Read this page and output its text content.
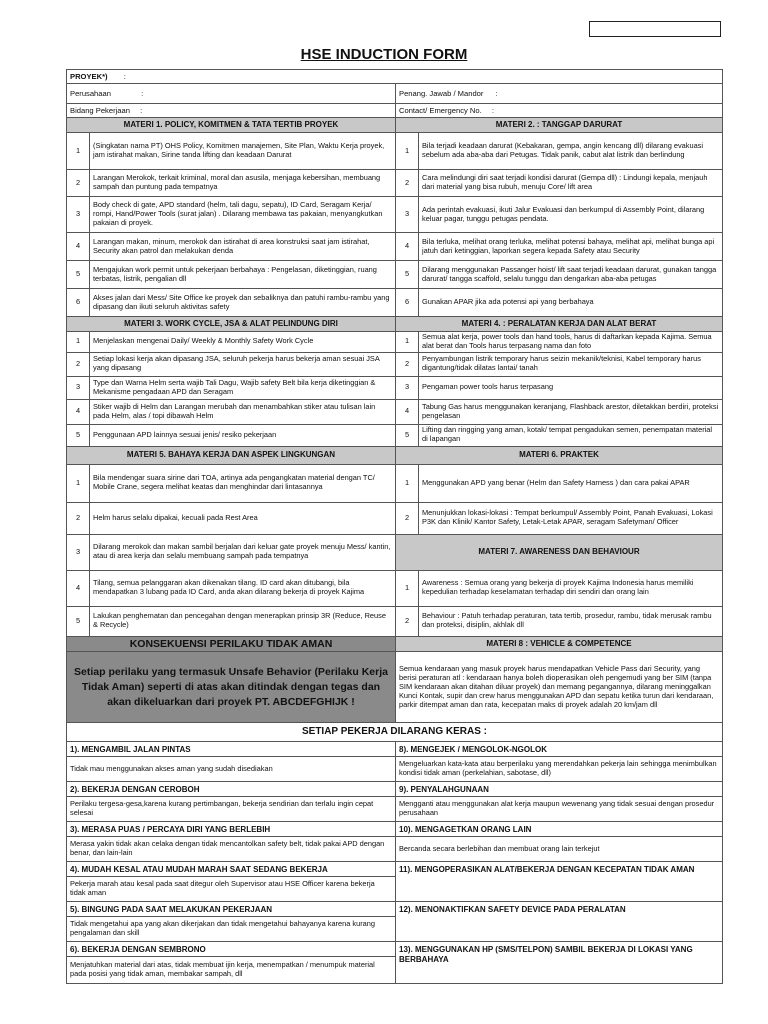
HSE INDUCTION FORM
PROYEK*) :			
Perusahaan :		Penang. Jawab / Mandor :	
Bidang Pekerjaan :		Contact/ Emergency No. :	
MATERI 1. POLICY, KOMITMEN & TATA TERTIB PROYEK		MATERI 2. : TANGGAP DARURAT	
1	(Singkatan nama PT) OHS Policy, Komitmen manajemen, Site Plan, Waktu Kerja proyek, jam istirahat makan, Sirine tanda lifting dan keadaan Darurat	1	Bila terjadi keadaan darurat (Kebakaran, gempa, angin kencang dll) dilarang evakuasi sebelum ada aba-aba dari Petugas. Tidak panik, cabut alat listrik dan berlindung
2	Larangan Merokok, terkait kriminal, moral dan asusila, menjaga kebersihan, membuang sampah dan puntung pada tempatnya	2	Cara melindungi diri saat terjadi kondisi darurat (Gempa dll) : Lindungi kepala, menjauh dari material yang bisa rubuh, menuju Core/ lift area
3	Body check di gate, APD standard (helm, tali dagu, sepatu), ID Card, Seragam Kerja/ rompi, Hand/Power Tools (surat jalan) . Dilarang membawa tas pakaian, menyangkutkan pakaian di proyek.	3	Ada perintah evakuasi, ikuti Jalur Evakuasi dan berkumpul di Assembly Point, dilarang keluar pagar, tunggu petugas pendata.
4	Larangan makan, minum, merokok dan istirahat di area konstruksi saat jam istirahat, Security akan patrol dan melakukan denda	4	Bila terluka, melihat orang terluka, melihat potensi bahaya, melihat api, melihat bunga api jatuh dari ketinggian, laporkan segera kepada Safety atau Security
5	Mengajukan work permit untuk pekerjaan berbahaya : Pengelasan, diketinggian, ruang terbatas, listrik, pengalian dll	5	Dilarang menggunakan Passanger hoist/ lift saat terjadi keadaan darurat, gunakan tangga darurat/ tangga scaffold, selalu tunggu dan dengarkan aba-aba petugas
6	Akses jalan dari Mess/ Site Office ke proyek dan sebaliknya dan patuhi rambu-rambu yang dipasang dan ikuti seluruh aktivitas safety	6	Gunakan APAR jika ada potensi api yang berbahaya
MATERI 3. WORK CYCLE, JSA & ALAT PELINDUNG DIRI		MATERI 4. : PERALATAN KERJA DAN ALAT BERAT	
1	Menjelaskan mengenai Daily/ Weekly & Monthly Safety Work Cycle	1	Semua alat kerja, power tools dan hand tools, harus di daftarkan kepada Kajima. Semua alat berat dan Tools harus terpasang nama dan foto
2	Setiap lokasi kerja akan dipasang JSA, seluruh pekerja harus bekerja aman sesuai JSA yang dipasang	2	Penyambungan listrik temporary harus seizin mekanik/teknisi, Kabel temporary harus digantung/tidak dilatas lantai/ tanah
3	Type dan Warna Helm serta wajib Tali Dagu, Wajib safety Belt bila kerja diketinggian & Mekanisme pengadaan APD dan Seragam	3	Pengaman power tools harus terpasang
4	Stiker wajib di Helm dan Larangan merubah dan menambahkan stiker atau tulisan lain pada Helm, alas / topi dibawah Helm	4	Tabung Gas harus menggunakan keranjang, Flashback arestor, diletakkan berdiri, proteksi pengelasan
5	Penggunaan APD lainnya sesuai jenis/ resiko pekerjaan	5	Lifting dan ringging yang aman, kotak/ tempat pengadukan semen, penempatan material di lapangan
MATERI 5. BAHAYA KERJA DAN ASPEK LINGKUNGAN		MATERI 6. PRAKTEK	
1	Bila mendengar suara sirine dari TOA, artinya ada pengangkatan material dengan TC/ Mobile Crane, segera melihat keatas dan menghindar dari lintasannya	1	Menggunakan APD yang benar (Helm dan Safety Harness ) dan cara pakai APAR
2	Helm harus selalu dipakai, kecuali pada Rest Area	2	Menunjukkan lokasi-lokasi : Tempat berkumpul/ Assembly Point, Panah Evakuasi, Lokasi P3K dan Klinik/ Kantor Safety, Letak-Letak APAR, seragam Safetyman/ Officer
3	Dilarang merokok dan makan sambil berjalan dari keluar gate proyek menuju Mess/ kantin, atau di area kerja dan selalu membuang sampah pada tempatnya	MATERI 7. AWARENESS DAN BEHAVIOUR	
4	Tilang, semua pelanggaran akan dikenakan tilang. ID card akan ditubangi, bila mendapatkan 3 lubang pada ID Card, anda akan dilarang bekerja di proyek Kajima	1	Awareness : Semua orang yang bekerja di proyek Kajima Indonesia harus memiliki kepedulian terhadap keselamatan terhadap diri sendiri dan orang lain
5	Lakukan penghematan dan pencegahan dengan menerapkan prinsip 3R (Reduce, Reuse & Recycle)	2	Behaviour : Patuh terhadap peraturan, tata tertib, prosedur, rambu, tidak merusak rambu dan proteksi, disiplin, akhlak dll
KONSEKUENSI PERILAKU TIDAK AMAN		MATERI 8 : VEHICLE & COMPETENCE	
Setiap perilaku yang termasuk Unsafe Behavior (Perilaku Kerja Tidak Aman) seperti di atas akan ditindak dengan tegas dan akan dikeluarkan dari proyek PT. ABCDEFGHIJK !		Semua kendaraan yang masuk proyek harus mendapatkan Vehicle Pass dari Security, yang berisi peraturan atl : kendaraan hanya boleh dioperasikan oleh pengemudi yang ber SIM (tanpa SIM kendaraan akan ditahan diluar proyek) dan memang pegangannya, dilarang meninggalkan Kunci Kontak, supir dan crew harus menggunakan APD dan sepatu ketika turun dari kendaraan, parkir ditempat aman dan rata, kecepatan maks di proyek adalah 20 km/jam dll	
SETIAP PEKERJA DILARANG KERAS :			
1). MENGAMBIL JALAN PINTAS		8). MENGEJEK / MENGOLOK-NGOLOK	
Tidak mau menggunakan akses aman yang sudah disediakan		Mengeluarkan kata-kata atau berperilaku yang merendahkan pekerja lain sehingga menimbulkan kondisi tidak aman (perkelahian, sabotase, dll)	
2). BEKERJA DENGAN CEROBOH		9). PENYALAHGUNAAN	
Perilaku tergesa-gesa,karena kurang pertimbangan, bekerja sendirian dan terlalu ingin cepat selesai		Mengganti atau menggunakan alat kerja maupun wewenang yang tidak sesuai dengan prosedur perusahaan	
3). MERASA PUAS / PERCAYA DIRI YANG BERLEBIH		10). MENGAGETKAN ORANG LAIN	
Merasa yakin tidak akan celaka dengan tidak mencantolkan safety belt, tidak pakai APD dengan benar, dan lain-lain		Bercanda secara berlebihan dan membuat orang lain terkejut	
4). MUDAH KESAL ATAU MUDAH MARAH SAAT SEDANG BEKERJA		11). MENGOPERASIKAN ALAT/BEKERJA DENGAN KECEPATAN TIDAK AMAN	
Pekerja marah atau kesal pada saat ditegur oleh Supervisor atau HSE Officer karena bekerja tidak aman			
5). BINGUNG PADA SAAT MELAKUKAN PEKERJAAN		12). MENONAKTIFKAN SAFETY DEVICE PADA PERALATAN	
Tidak mengetahui apa yang akan dikerjakan dan tidak mengetahui bahayanya karena kurang pengalaman dan skill			
6). BEKERJA DENGAN SEMBRONO		13). MENGGUNAKAN HP (SMS/TELPON) SAMBIL BEKERJA DI LOKASI YANG BERBAHAYA	
Menjatuhkan material dari atas, tidak membuat ijin kerja, menempatkan / menumpuk material pada posisi yang tidak aman, membakar sampah, dll			
